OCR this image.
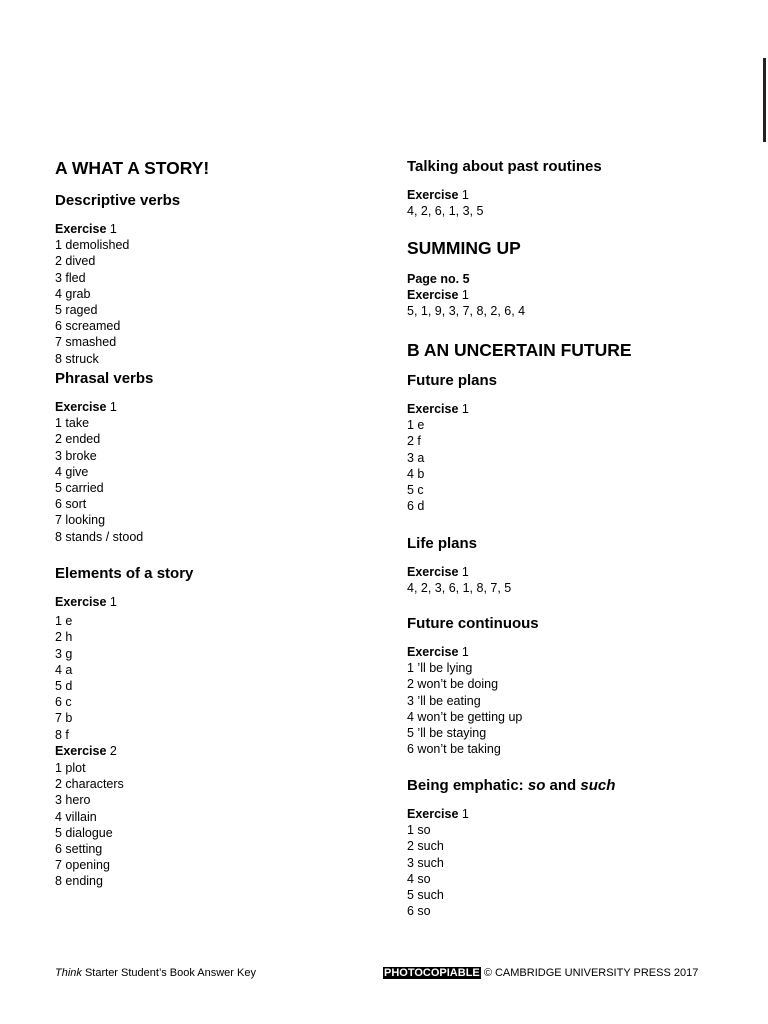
A WHAT A STORY!

Descriptive verbs

Exercise 1

1 demolished

2 dived

3 fled

4 grab

5 raged

6 screamed

7 smashed

8 struck

Phrasal verbs

Exercise 1

1 take

2 ended

3 broke

4 give

5 carried

6 sort

7 looking

8 stands / stood

Elements of a story

Exercise 1

1 e

2 h

3 g

4 a

5 d

6 c

7 b

8 f

Exercise 2

1 plot

2 characters

3 hero

4 villain

5 dialogue

6 setting

7 opening

8 ending

Talking about past routines

Exercise 1

4, 2, 6, 1, 3, 5

SUMMING UP

Page no. 5

Exercise 1

5, 1, 9, 3, 7, 8, 2, 6, 4

B AN UNCERTAIN FUTURE

Future plans

Exercise 1

1 e

2 f

3 a

4 b

5 c

6 d

Life plans

Exercise 1

4, 2, 3, 6, 1, 8, 7, 5

Future continuous

Exercise 1

1 ’ll be lying

2 won’t be doing

3 ’ll be eating

4 won’t be getting up

5 ’ll be staying

6 won’t be taking

Being emphatic: so and such

Exercise 1

1 so

2 such

3 such

4 so

5 such

6 so

Think Starter Student’s Book Answer Key	PHOTOCOPIABLE © CAMBRIDGE UNIVERSITY PRESS 2017
